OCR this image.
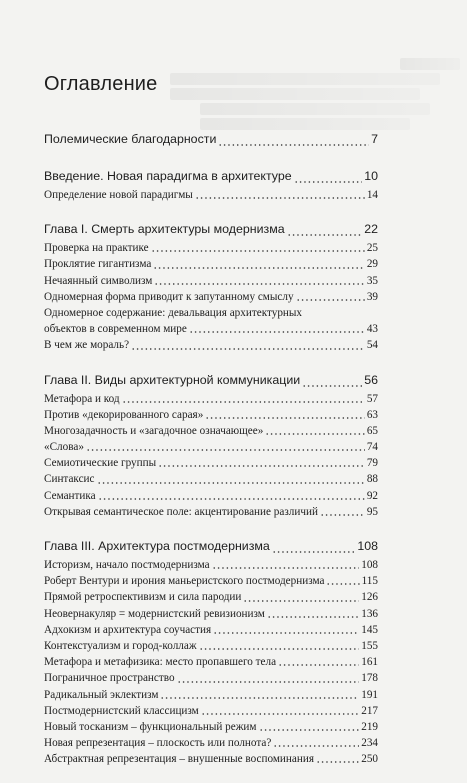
Оглавление
Полемические благодарности	7
Введение. Новая парадигма в архитектуре	10
Определение новой парадигмы	14
Глава I. Смерть архитектуры модернизма	22
Проверка на практике	25
Проклятие гигантизма	29
Нечаянный символизм	35
Одномерная форма приводит к запутанному смыслу	39
Одномерное содержание: девальвация архитектурных
объектов в современном мире	43
В чем же мораль?	54
Глава II. Виды архитектурной коммуникации	56
Метафора и код	57
Против «декорированного сарая»	63
Многозадачность и «загадочное означающее»	65
«Слова»	74
Семиотические группы	79
Синтаксис	88
Семантика	92
Открывая семантическое поле: акцентирование различий	95
Глава III. Архитектура постмодернизма	108
Историзм, начало постмодернизма	108
Роберт Вентури и ирония маньеристского постмодернизма	115
Прямой ретроспективизм и сила пародии	126
Неовернакуляр = модернистский ревизионизм	136
Адхокизм и архитектура соучастия	145
Контекстуализм и город-коллаж	155
Метафора и метафизика: место пропавшего тела	161
Пограничное пространство	178
Радикальный эклектизм	191
Постмодернистский классицизм	217
Новый тосканизм – функциональный режим	219
Новая репрезентация – плоскость или полнота?	234
Абстрактная репрезентация – внушенные воспоминания	250
